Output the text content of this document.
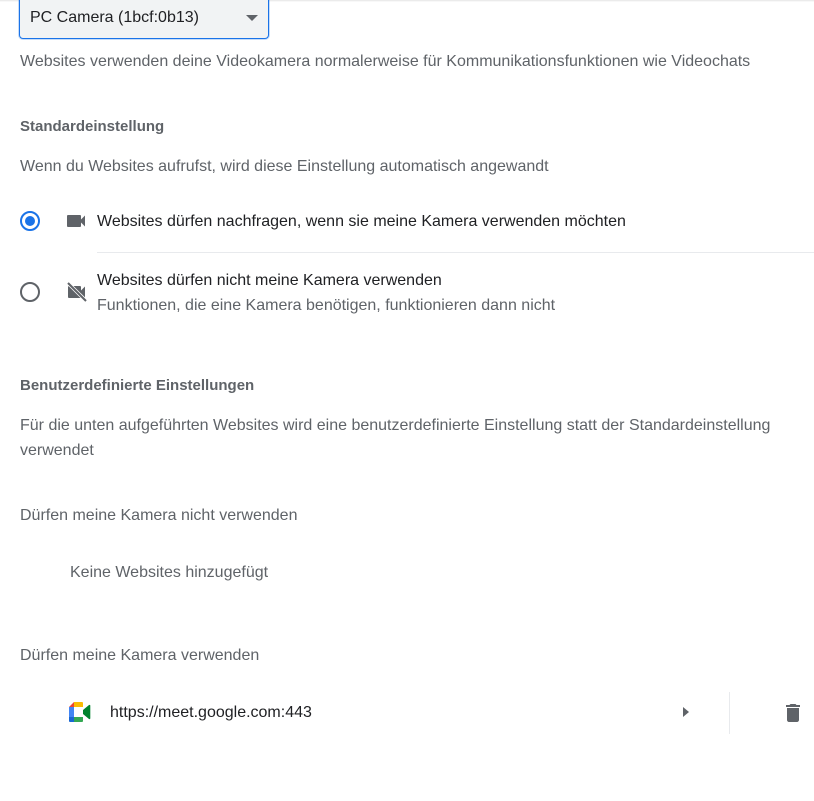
PC Camera (1bcf:0b13)
Websites verwenden deine Videokamera normalerweise für Kommunikationsfunktionen wie Videochats
Standardeinstellung
Wenn du Websites aufrufst, wird diese Einstellung automatisch angewandt
Websites dürfen nachfragen, wenn sie meine Kamera verwenden möchten
Websites dürfen nicht meine Kamera verwenden
Funktionen, die eine Kamera benötigen, funktionieren dann nicht
Benutzerdefinierte Einstellungen
Für die unten aufgeführten Websites wird eine benutzerdefinierte Einstellung statt der Standardeinstellung
verwendet
Dürfen meine Kamera nicht verwenden
Keine Websites hinzugefügt
Dürfen meine Kamera verwenden
https://meet.google.com:443
